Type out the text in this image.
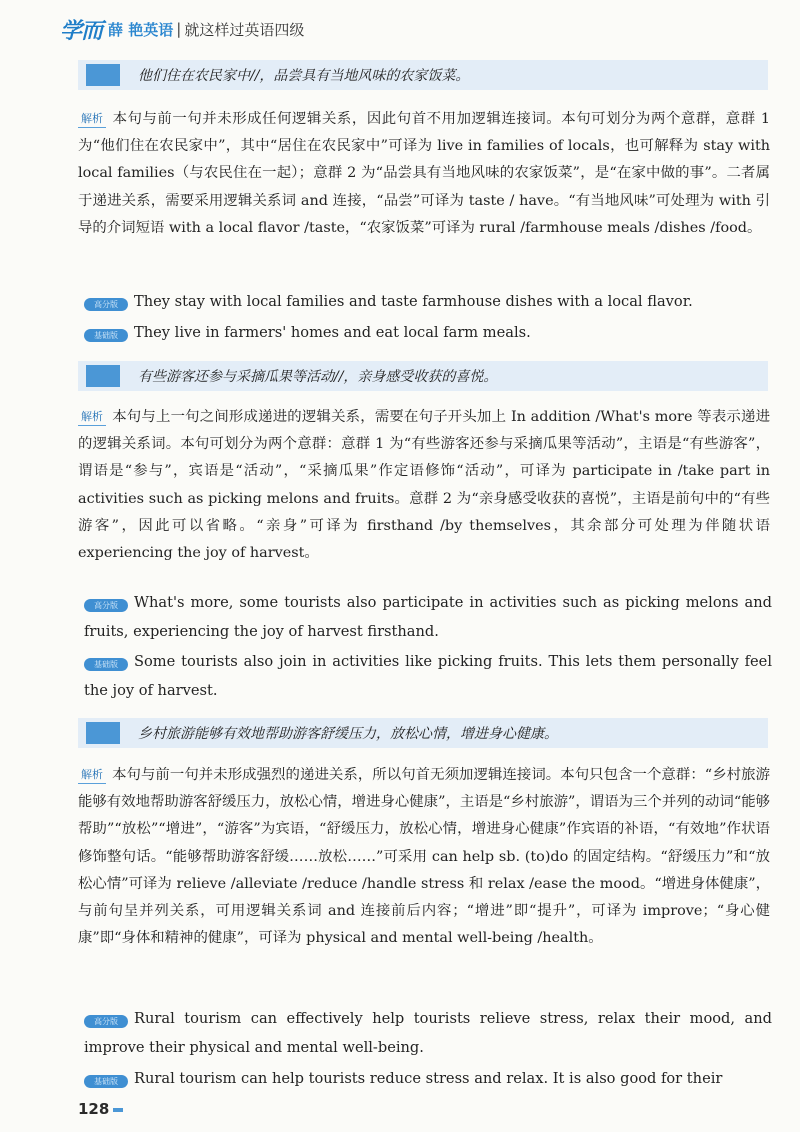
学而 薛 艳英语 | 就这样过英语四级
他们住在农民家中//，品尝具有当地风味的农家饭菜。
解析 本句与前一句并未形成任何逻辑关系，因此句首不用加逻辑连接词。本句可划分为两个意群，意群 1 为“他们住在农民家中”，其中“居住在农民家中”可译为 live in families of locals，也可解释为 stay with local families（与农民住在一起）；意群 2 为“品尝具有当地风味的农家饭菜”，是“在家中做的事”。二者属于递进关系，需要采用逻辑关系词 and 连接，“品尝”可译为 taste / have。“有当地风味”可处理为 with 引导的介词短语 with a local flavor /taste，“农家饭菜”可译为 rural /farmhouse meals /dishes /food。
高分版 They stay with local families and taste farmhouse dishes with a local flavor.
基础版 They live in farmers' homes and eat local farm meals.
有些游客还参与采摘瓜果等活动//，亲身感受收获的喜悦。
解析 本句与上一句之间形成递进的逻辑关系，需要在句子开头加上 In addition /What's more 等表示递进的逻辑关系词。本句可划分为两个意群：意群 1 为“有些游客还参与采摘瓜果等活动”，主语是“有些游客”，谓语是“参与”，宾语是“活动”，“采摘瓜果”作定语修饰“活动”，可译为 participate in /take part in activities such as picking melons and fruits。意群 2 为“亲身感受收获的喜悦”，主语是前句中的“有些游客”，因此可以省略。“亲身”可译为 firsthand /by themselves，其余部分可处理为伴随状语 experiencing the joy of harvest。
高分版 What's more, some tourists also participate in activities such as picking melons and fruits, experiencing the joy of harvest firsthand.
基础版 Some tourists also join in activities like picking fruits. This lets them personally feel the joy of harvest.
乡村旅游能够有效地帮助游客舒缓压力，放松心情，增进身心健康。
解析 本句与前一句并未形成强烈的递进关系，所以句首无须加逻辑连接词。本句只包含一个意群：“乡村旅游能够有效地帮助游客舒缓压力，放松心情，增进身心健康”，主语是“乡村旅游”，谓语为三个并列的动词“能够帮助”“放松”“增进”，“游客”为宾语，“舒缓压力，放松心情，增进身心健康”作宾语的补语，“有效地”作状语修饰整句话。“能够帮助游客舒缓……放松……”可采用 can help sb. (to)do 的固定结构。“舒缓压力”和“放松心情”可译为 relieve /alleviate /reduce /handle stress 和 relax /ease the mood。“增进身体健康”，与前句呈并列关系，可用逻辑关系词 and 连接前后内容；“增进”即“提升”，可译为 improve；“身心健康”即“身体和精神的健康”，可译为 physical and mental well-being /health。
高分版 Rural tourism can effectively help tourists relieve stress, relax their mood, and improve their physical and mental well-being.
基础版 Rural tourism can help tourists reduce stress and relax. It is also good for their
128
